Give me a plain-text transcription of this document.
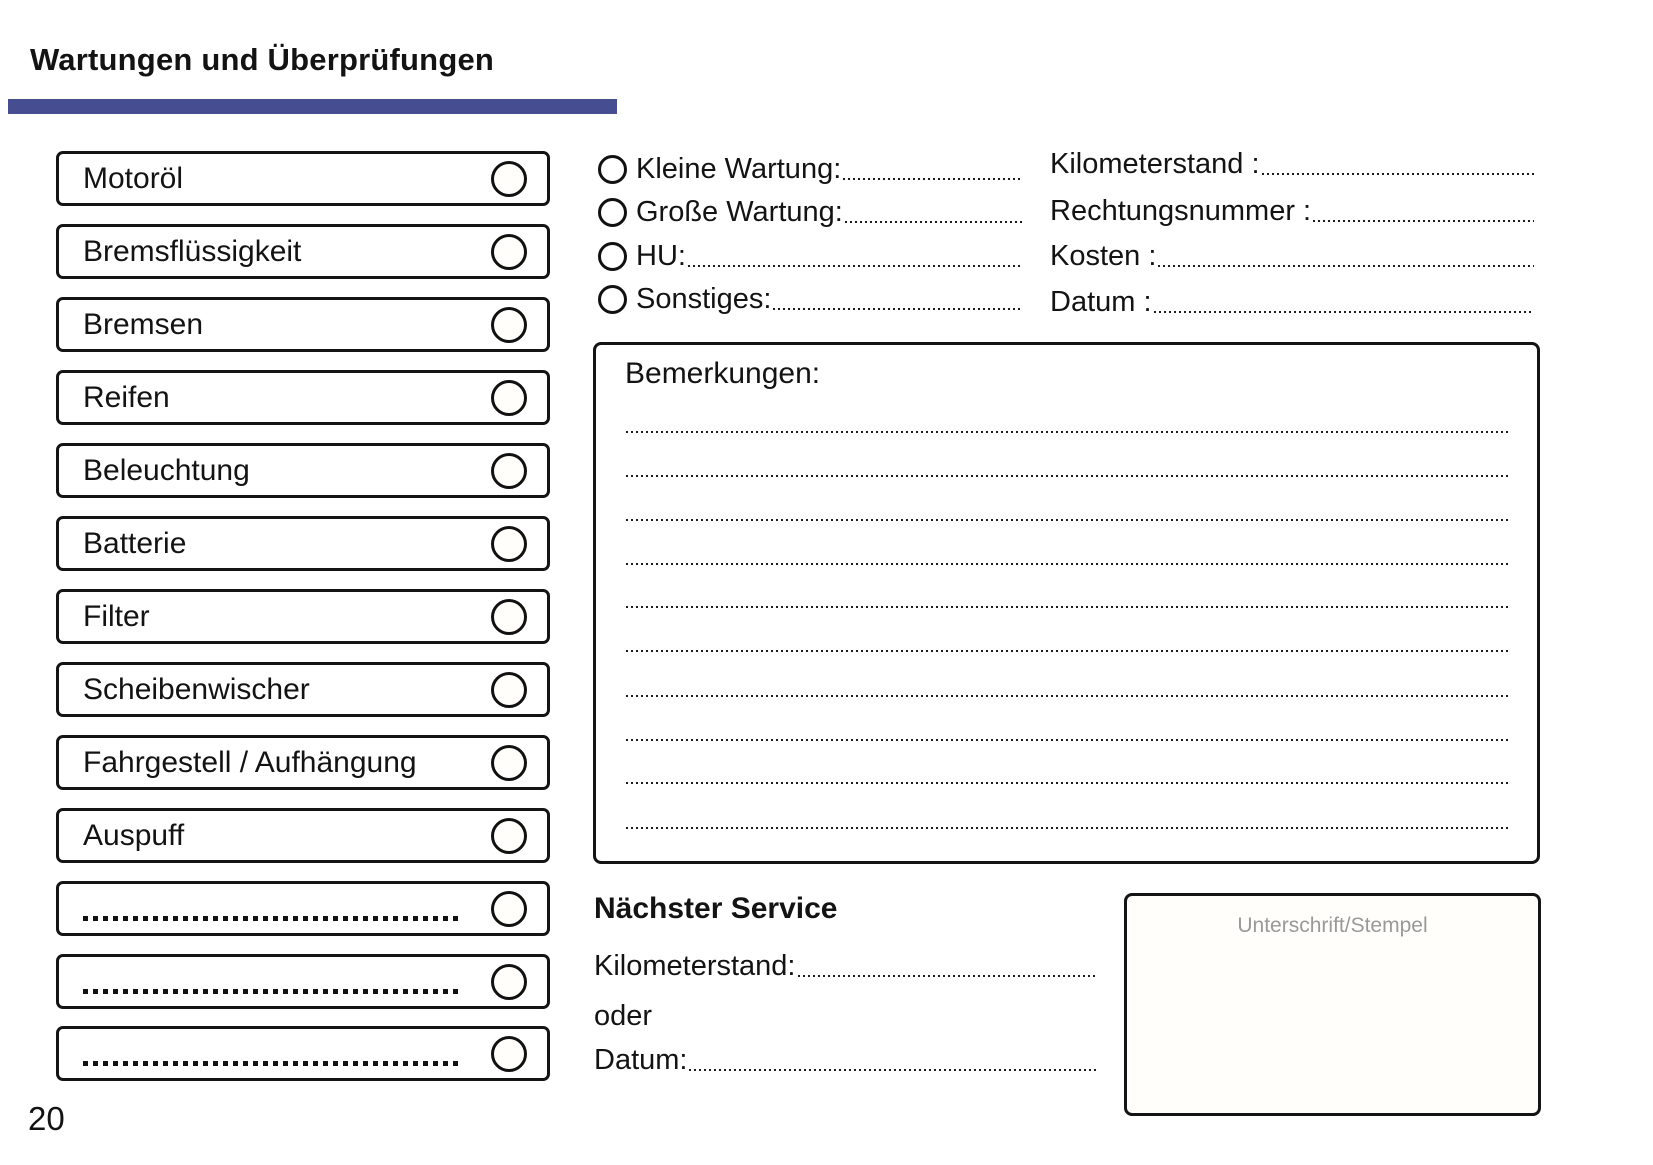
Wartungen und Überprüfungen
Motoröl
Bremsflüssigkeit
Bremsen
Reifen
Beleuchtung
Batterie
Filter
Scheibenwischer
Fahrgestell / Aufhängung
Auspuff
Kleine Wartung:
Große Wartung:
HU:
Sonstiges:
Kilometerstand :
Rechtungsnummer :
Kosten :
Datum :
Bemerkungen:
Nächster Service
Kilometerstand:
oder
Datum:
Unterschrift/Stempel
20
